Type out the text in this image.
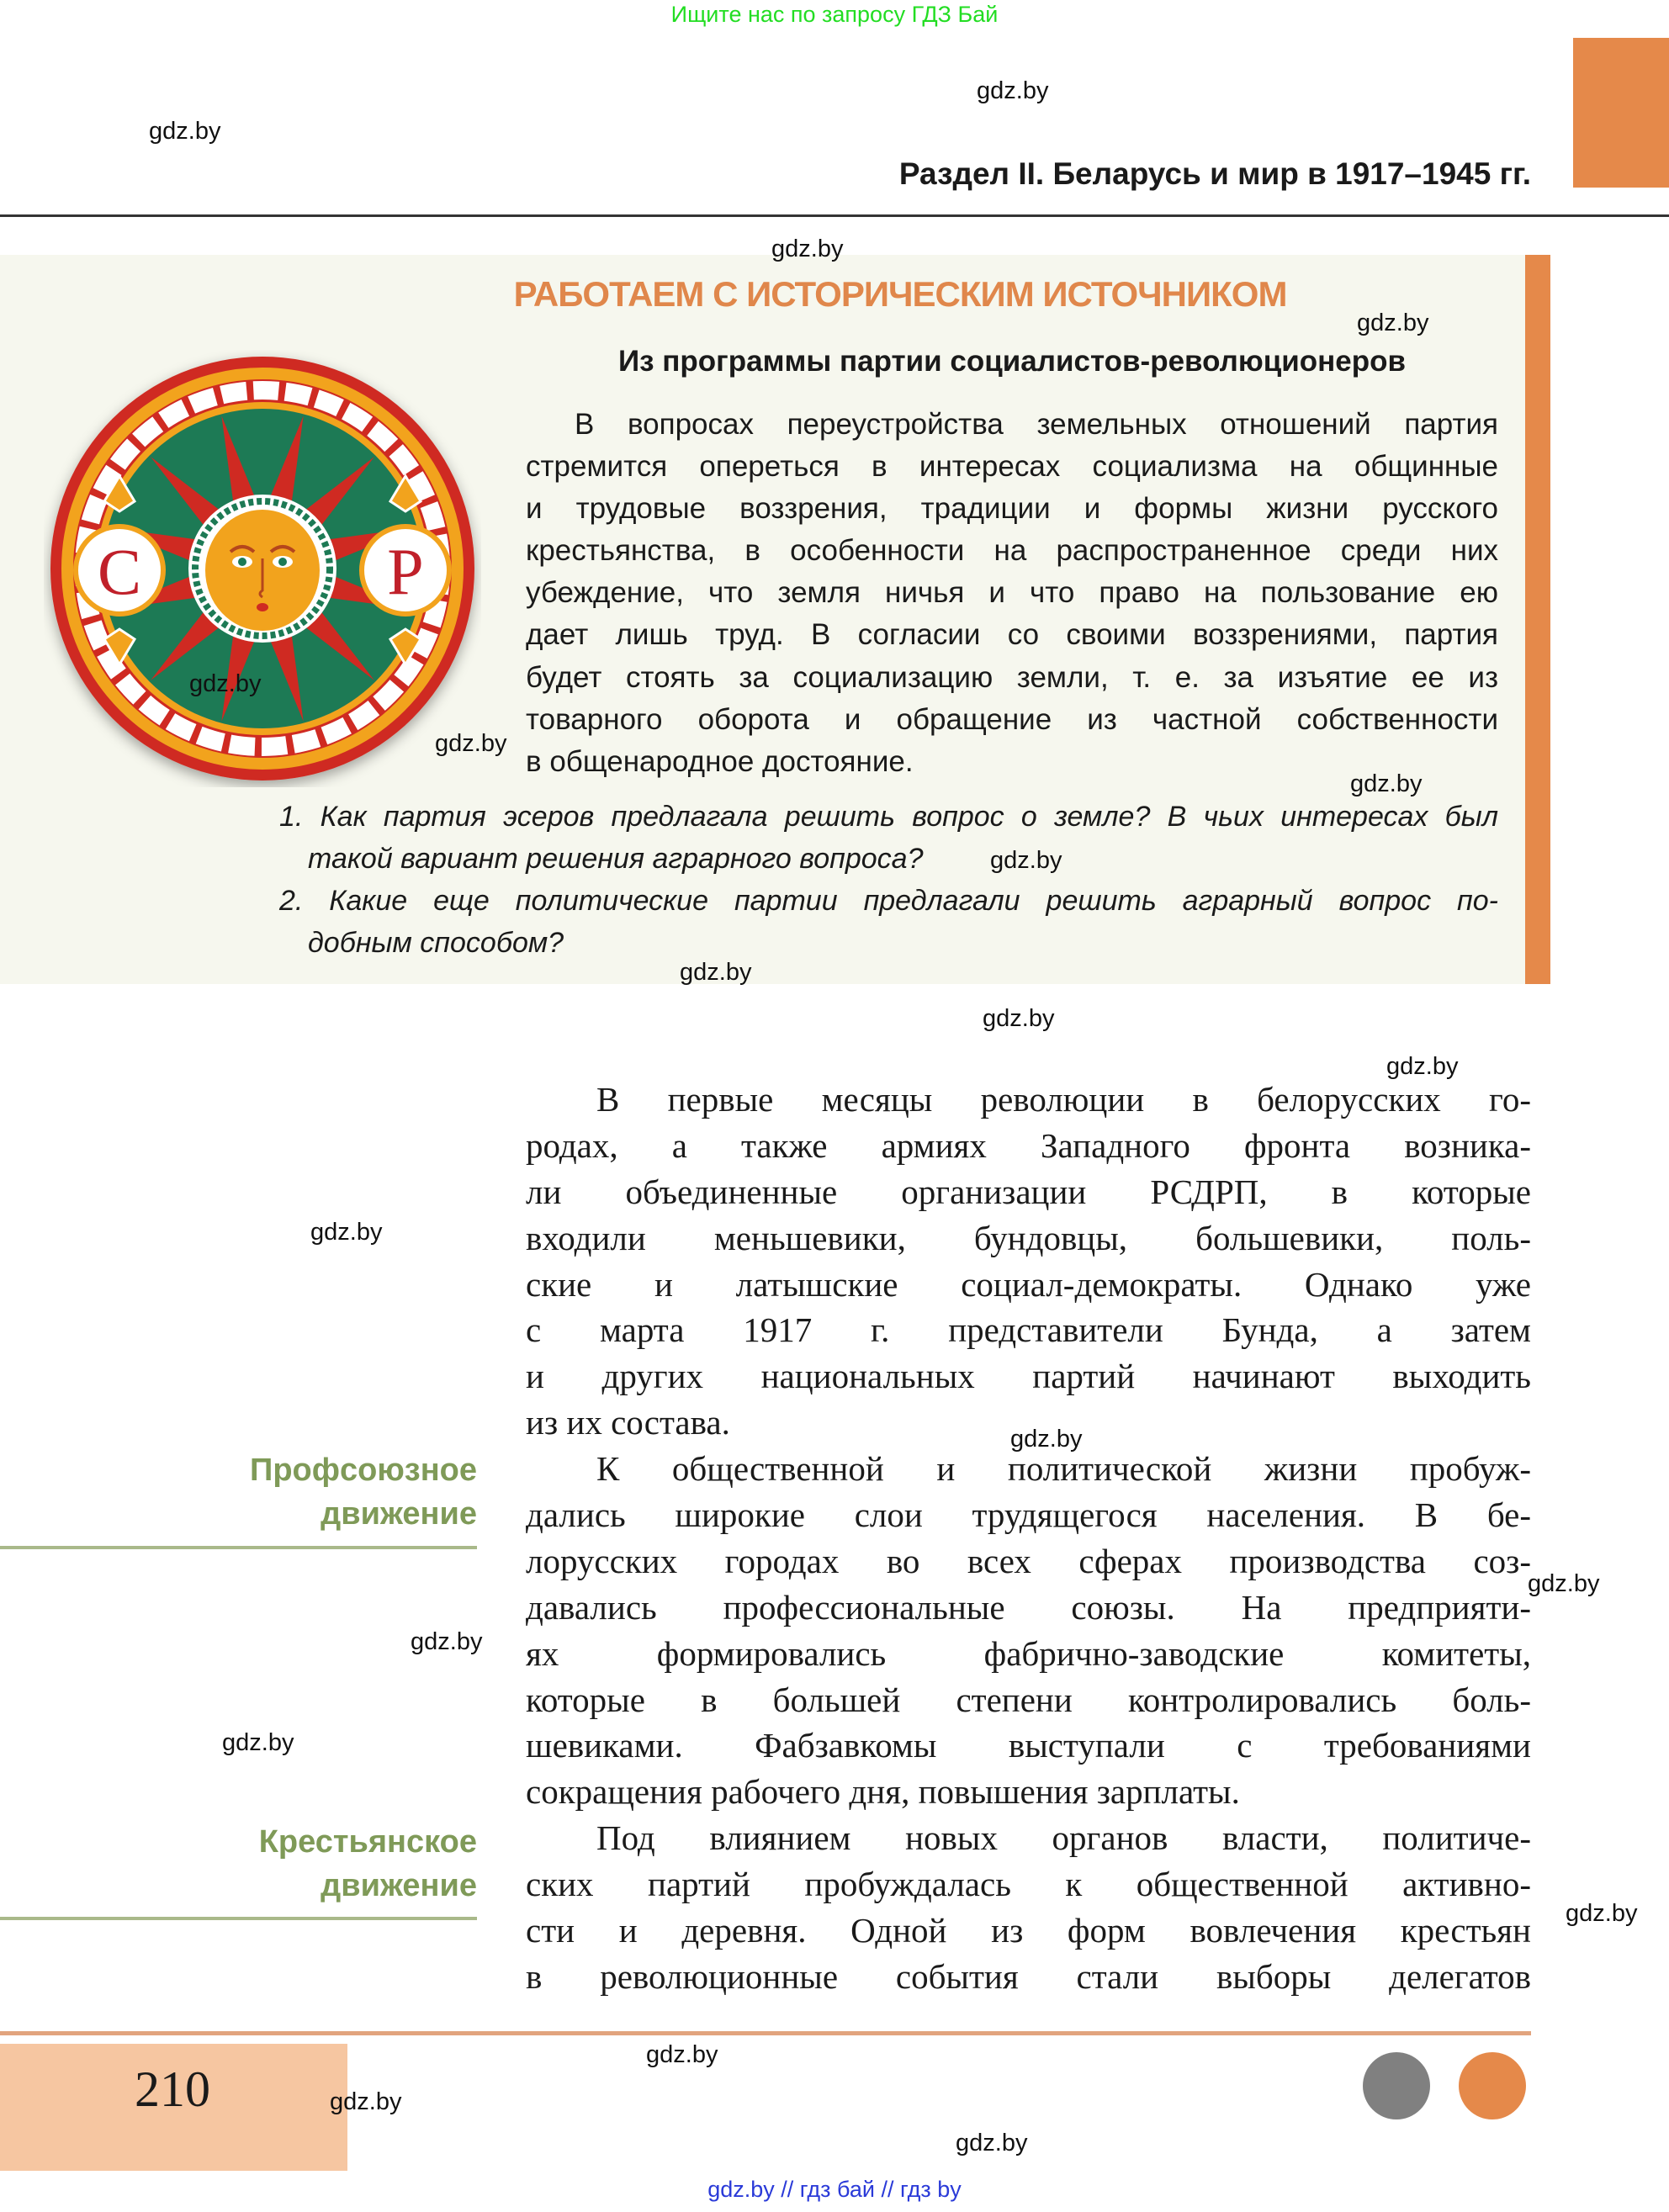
Ищите нас по запросу ГДЗ Бай
Раздел II. Беларусь и мир в 1917–1945 гг.
РАБОТАЕМ С ИСТОРИЧЕСКИМ ИСТОЧНИКОМ
Из программы партии социалистов-революционеров
С	Р
В вопросах переустройства земельных отношений партия
стремится опереться в интересах социализма на общинные
и трудовые воззрения, традиции и формы жизни русского
крестьянства, в особенности на распространенное среди них
убеждение, что земля ничья и что право на пользование ею
дает лишь труд. В согласии со своими воззрениями, партия
будет стоять за социализацию земли, т. е. за изъятие ее из
товарного оборота и обращение из частной собственности
в общенародное достояние.
1. Как партия эсеров предлагала решить вопрос о земле? В чьих интересах был
такой вариант решения аграрного вопроса?
2. Какие еще политические партии предлагали решить аграрный вопрос по-
добным способом?
Профсоюзное
движение
Крестьянское
движение
В первые месяцы революции в белорусских го-
родах, а также армиях Западного фронта возника-
ли объединенные организации РСДРП, в которые
входили меньшевики, бундовцы, большевики, поль-
ские и латышские социал-демократы. Однако уже
с марта 1917 г. представители Бунда, а затем
и других национальных партий начинают выходить
из их состава.
К общественной и политической жизни пробуж-
дались широкие слои трудящегося населения. В бе-
лорусских городах во всех сферах производства соз-
давались профессиональные союзы. На предприяти-
ях формировались фабрично-заводские комитеты,
которые в большей степени контролировались боль-
шевиками. Фабзавкомы выступали с требованиями
сокращения рабочего дня, повышения зарплаты.
Под влиянием новых органов власти, политиче-
ских партий пробуждалась к общественной активно-
сти и деревня. Одной из форм вовлечения крестьян
в революционные события стали выборы делегатов
210
gdz.by // гдз бай // гдз by
gdz.by
gdz.by
gdz.by
gdz.by
gdz.by
gdz.by
gdz.by
gdz.by
gdz.by
gdz.by
gdz.by
gdz.by
gdz.by
gdz.by
gdz.by
gdz.by
gdz.by
gdz.by
gdz.by
gdz.by
